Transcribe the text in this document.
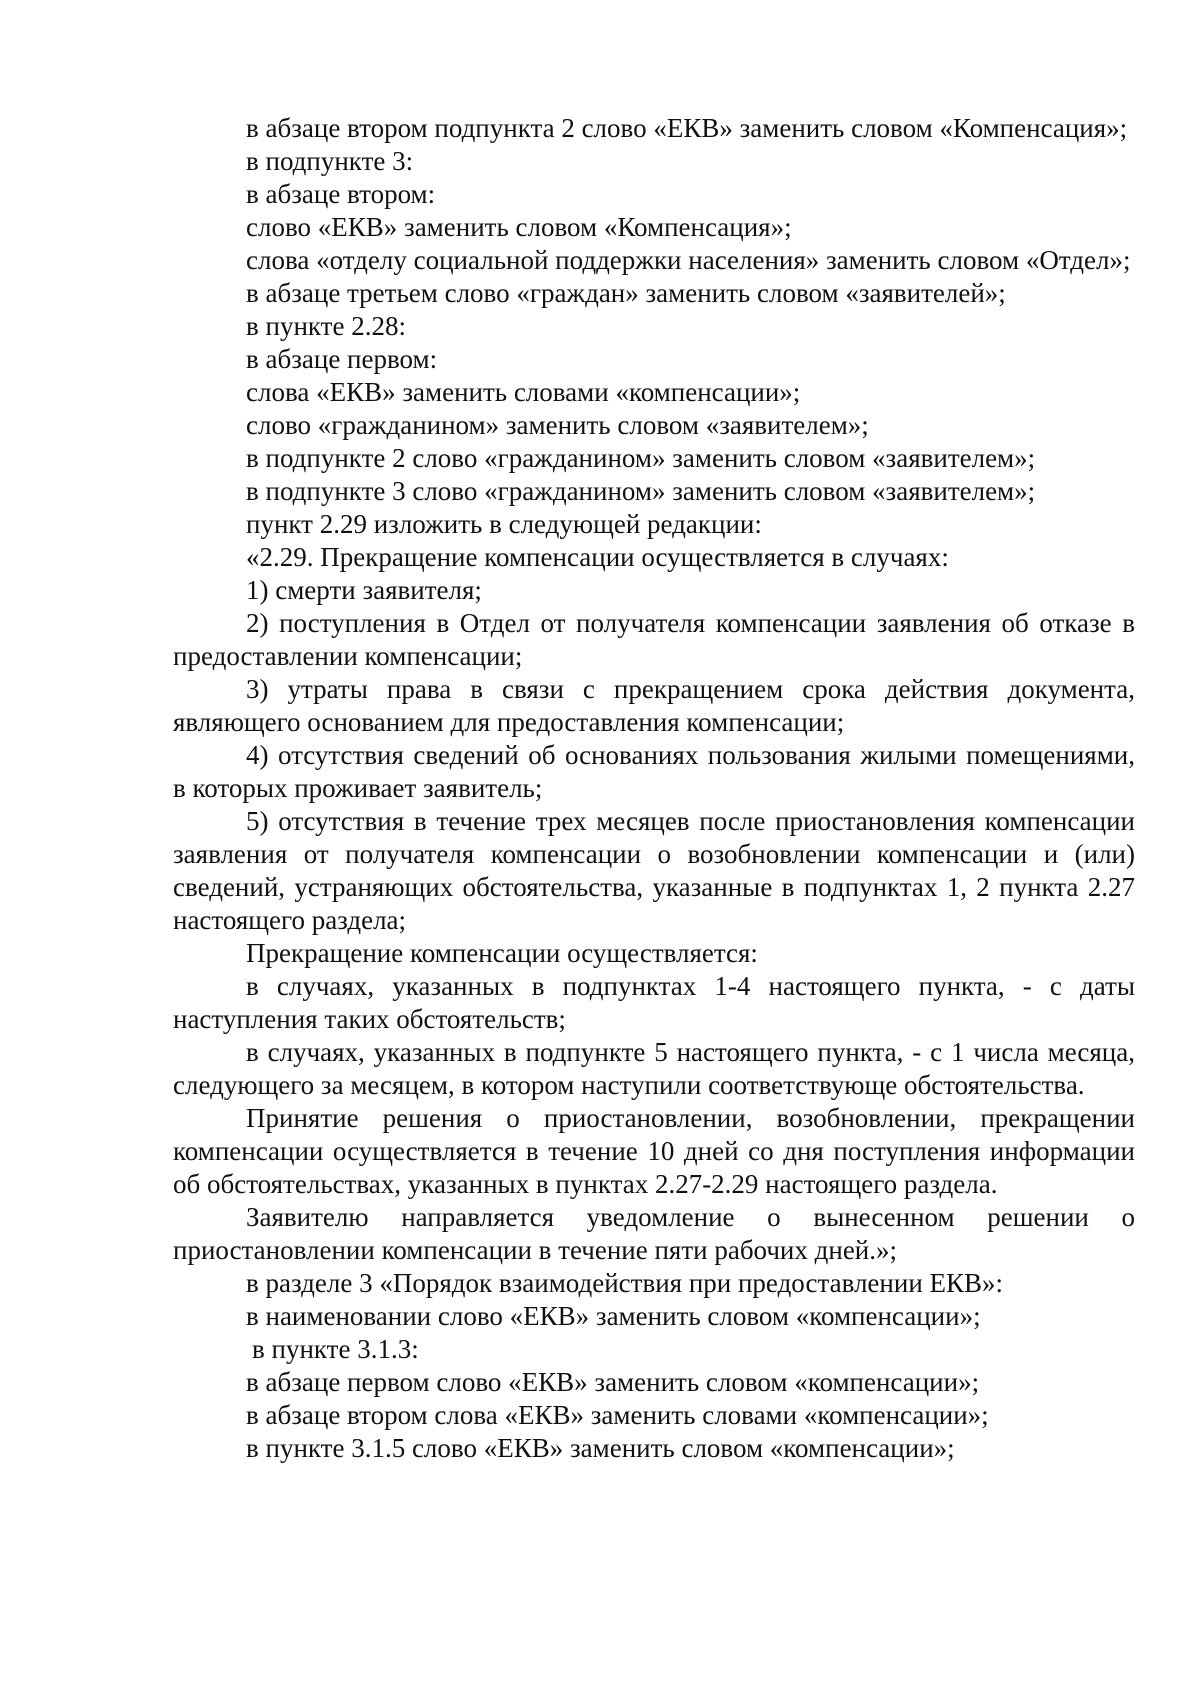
в абзаце втором подпункта 2 слово «ЕКВ» заменить словом «Компенсация»;

в подпункте 3:

в абзаце втором:

слово «ЕКВ» заменить словом «Компенсация»;

слова «отделу социальной поддержки населения» заменить словом «Отдел»;

в абзаце третьем слово «граждан» заменить словом «заявителей»;

в пункте 2.28:

в абзаце первом:

слова «ЕКВ» заменить словами «компенсации»;

слово «гражданином» заменить словом «заявителем»;

в подпункте 2 слово «гражданином» заменить словом «заявителем»;

в подпункте 3 слово «гражданином» заменить словом «заявителем»;

пункт 2.29 изложить в следующей редакции:

«2.29. Прекращение компенсации осуществляется в случаях:

1) смерти заявителя;

2) поступления в Отдел от получателя компенсации заявления об отказе в предоставлении компенсации;

3) утраты права в связи с прекращением срока действия документа, являющего основанием для предоставления компенсации;

4) отсутствия сведений об основаниях пользования жилыми помещениями, в которых проживает заявитель;

5) отсутствия в течение трех месяцев после приостановления компенсации заявления от получателя компенсации о возобновлении компенсации и (или) сведений, устраняющих обстоятельства, указанные в подпунктах 1, 2 пункта 2.27 настоящего раздела;

Прекращение компенсации осуществляется:

в случаях, указанных в подпунктах 1-4 настоящего пункта, - с даты наступления таких обстоятельств;

в случаях, указанных в подпункте 5 настоящего пункта, - с 1 числа месяца, следующего за месяцем, в котором наступили соответствующе обстоятельства.

Принятие решения о приостановлении, возобновлении, прекращении компенсации осуществляется в течение 10 дней со дня поступления информации об обстоятельствах, указанных в пунктах 2.27-2.29 настоящего раздела.

Заявителю направляется уведомление о вынесенном решении о приостановлении компенсации в течение пяти рабочих дней.»;

в разделе 3 «Порядок взаимодействия при предоставлении ЕКВ»:

в наименовании слово «ЕКВ» заменить словом «компенсации»;

в пункте 3.1.3:

в абзаце первом слово «ЕКВ» заменить словом «компенсации»;

в абзаце втором слова «ЕКВ» заменить словами «компенсации»;

в пункте 3.1.5 слово «ЕКВ» заменить словом «компенсации»;
